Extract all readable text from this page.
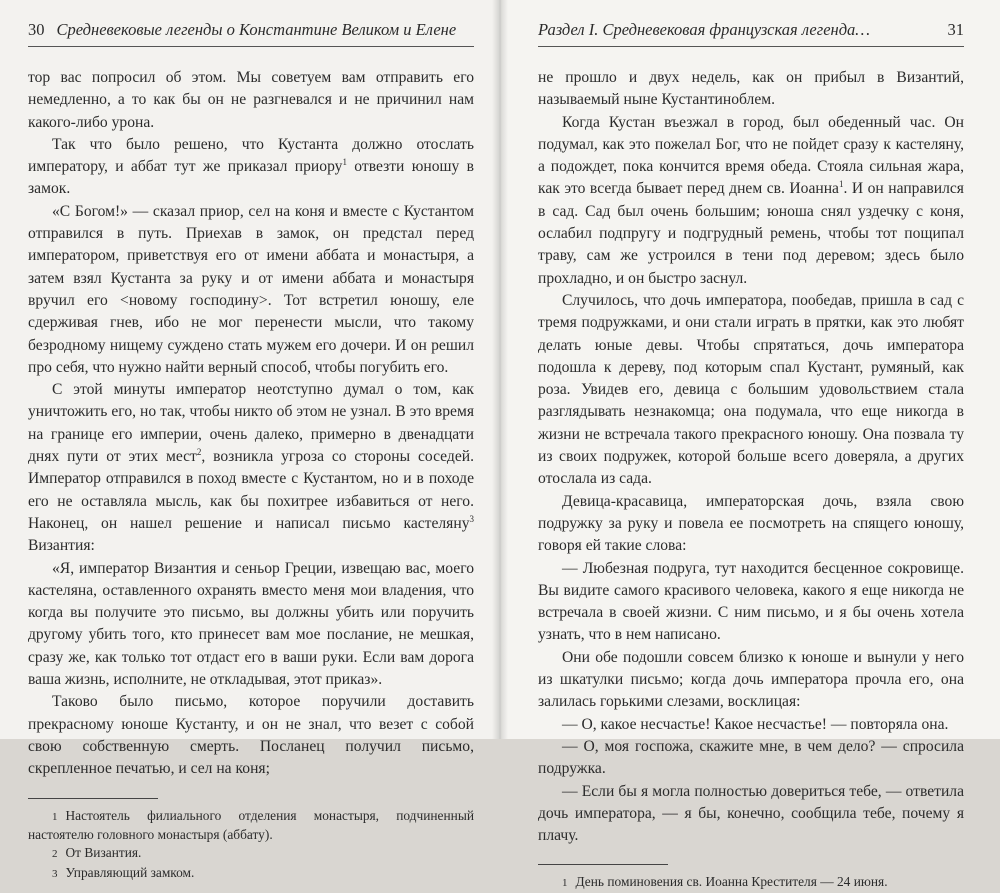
30 Средневековые легенды о Константине Великом и Елене

тор вас попросил об этом. Мы советуем вам отправить его немедленно, а то как бы он не разгневался и не причинил нам какого-либо урона.

Так что было решено, что Кустанта должно отослать императору, и аббат тут же приказал приору$^1$ отвезти юношу в замок.

«С Богом!» — сказал приор, сел на коня и вместе с Кустантом отправился в путь. Приехав в замок, он предстал перед императором, приветствуя его от имени аббата и монастыря, а затем взял Кустанта за руку и от имени аббата и монастыря вручил его <новому господину>. Тот встретил юношу, еле сдерживая гнев, ибо не мог перенести мысли, что такому безродному нищему суждено стать мужем его дочери. И он решил про себя, что нужно найти верный способ, чтобы погубить его.

С этой минуты император неотступно думал о том, как уничтожить его, но так, чтобы никто об этом не узнал. В это время на границе его империи, очень далеко, примерно в двенадцати днях пути от этих мест$^2$, возникла угроза со стороны соседей. Император отправился в поход вместе с Кустантом, но и в походе его не оставляла мысль, как бы похитрее избавиться от него. Наконец, он нашел решение и написал письмо кастеляну$^3$ Византия:

«Я, император Византия и сеньор Греции, извещаю вас, моего кастеляна, оставленного охранять вместо меня мои владения, что когда вы получите это письмо, вы должны убить или поручить другому убить того, кто принесет вам мое послание, не мешкая, сразу же, как только тот отдаст его в ваши руки. Если вам дорога ваша жизнь, исполните, не откладывая, этот приказ».

Таково было письмо, которое поручили доставить прекрасному юноше Кустанту, и он не знал, что везет с собой свою собственную смерть. Посланец получил письмо, скрепленное печатью, и сел на коня;

1 Настоятель филиального отделения монастыря, подчиненный настоятелю головного монастыря (аббату).

2 От Византия.

3 Управляющий замком.

Раздел I. Средневековая французская легенда…	31

не прошло и двух недель, как он прибыл в Византий, называемый ныне Кустантиноблем.

Когда Кустан въезжал в город, был обеденный час. Он подумал, как это пожелал Бог, что не пойдет сразу к кастеляну, а подождет, пока кончится время обеда. Стояла сильная жара, как это всегда бывает перед днем св. Иоанна$^1$. И он направился в сад. Сад был очень большим; юноша снял уздечку с коня, ослабил подпругу и подгрудный ремень, чтобы тот пощипал траву, сам же устроился в тени под деревом; здесь было прохладно, и он быстро заснул.

Случилось, что дочь императора, пообедав, пришла в сад с тремя подружками, и они стали играть в прятки, как это любят делать юные девы. Чтобы спрятаться, дочь императора подошла к дереву, под которым спал Кустант, румяный, как роза. Увидев его, девица с большим удовольствием стала разглядывать незнакомца; она подумала, что еще никогда в жизни не встречала такого прекрасного юношу. Она позвала ту из своих подружек, которой больше всего доверяла, а других отослала из сада.

Девица-красавица, императорская дочь, взяла свою подружку за руку и повела ее посмотреть на спящего юношу, говоря ей такие слова:

— Любезная подруга, тут находится бесценное сокровище. Вы видите самого красивого человека, какого я еще никогда не встречала в своей жизни. С ним письмо, и я бы очень хотела узнать, что в нем написано.

Они обе подошли совсем близко к юноше и вынули у него из шкатулки письмо; когда дочь императора прочла его, она залилась горькими слезами, восклицая:

— О, какое несчастье! Какое несчастье! — повторяла она.

— О, моя госпожа, скажите мне, в чем дело? — спросила подружка.

— Если бы я могла полностью довериться тебе, — ответила дочь императора, — я бы, конечно, сообщила тебе, почему я плачу.

1 День поминовения св. Иоанна Крестителя — 24 июня.
